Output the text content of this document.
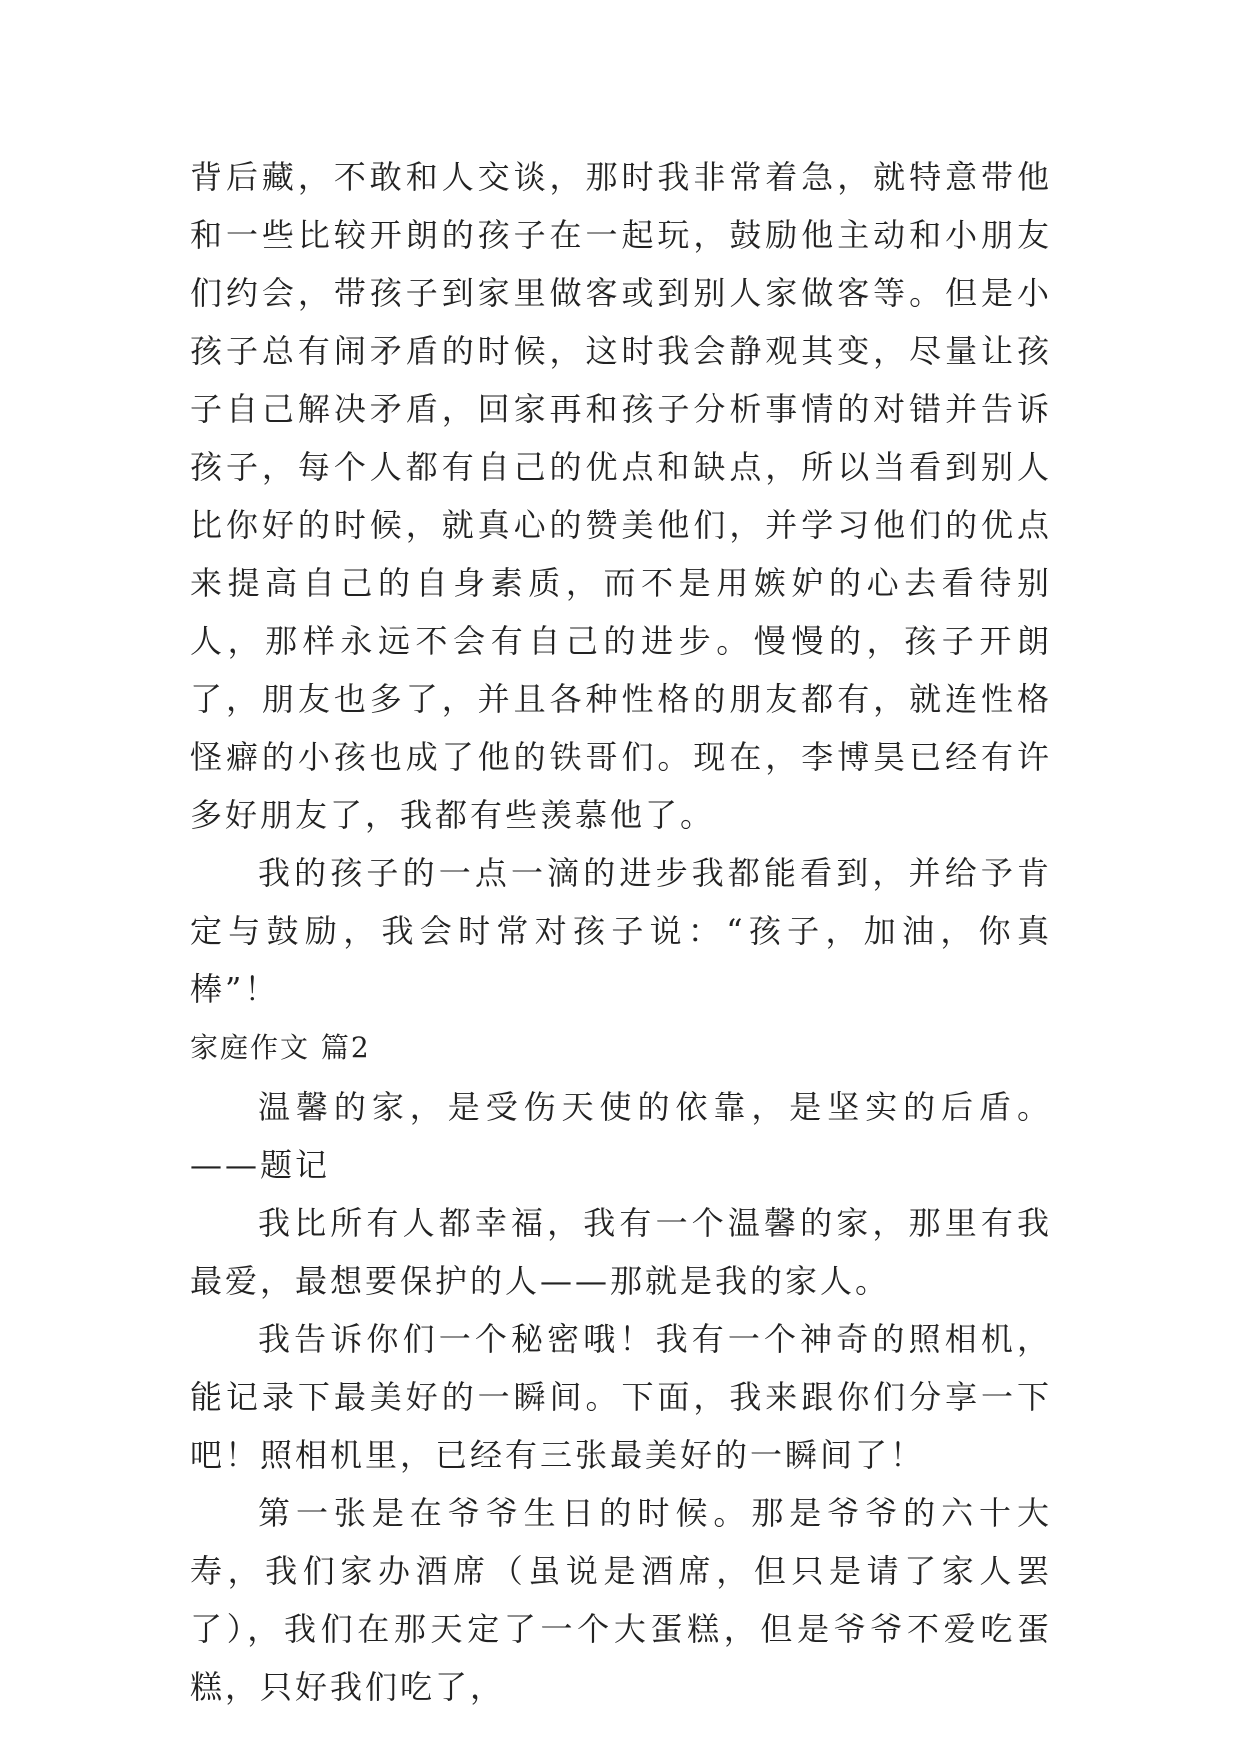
背后藏，不敢和人交谈，那时我非常着急，就特意带他和一些比较开朗的孩子在一起玩，鼓励他主动和小朋友们约会，带孩子到家里做客或到别人家做客等。但是小孩子总有闹矛盾的时候，这时我会静观其变，尽量让孩子自己解决矛盾，回家再和孩子分析事情的对错并告诉孩子，每个人都有自己的优点和缺点，所以当看到别人比你好的时候，就真心的赞美他们，并学习他们的优点来提高自己的自身素质，而不是用嫉妒的心去看待别人，那样永远不会有自己的进步。慢慢的，孩子开朗了，朋友也多了，并且各种性格的朋友都有，就连性格怪癖的小孩也成了他的铁哥们。现在，李博昊已经有许多好朋友了，我都有些羡慕他了。

我的孩子的一点一滴的进步我都能看到，并给予肯定与鼓励，我会时常对孩子说：“孩子，加油，你真棒”！

家庭作文 篇2

温馨的家，是受伤天使的依靠，是坚实的后盾。——题记

我比所有人都幸福，我有一个温馨的家，那里有我最爱，最想要保护的人——那就是我的家人。

我告诉你们一个秘密哦！我有一个神奇的照相机，能记录下最美好的一瞬间。下面，我来跟你们分享一下吧！照相机里，已经有三张最美好的一瞬间了！

第一张是在爷爷生日的时候。那是爷爷的六十大寿，我们家办酒席（虽说是酒席，但只是请了家人罢了），我们在那天定了一个大蛋糕，但是爷爷不爱吃蛋糕，只好我们吃了，
